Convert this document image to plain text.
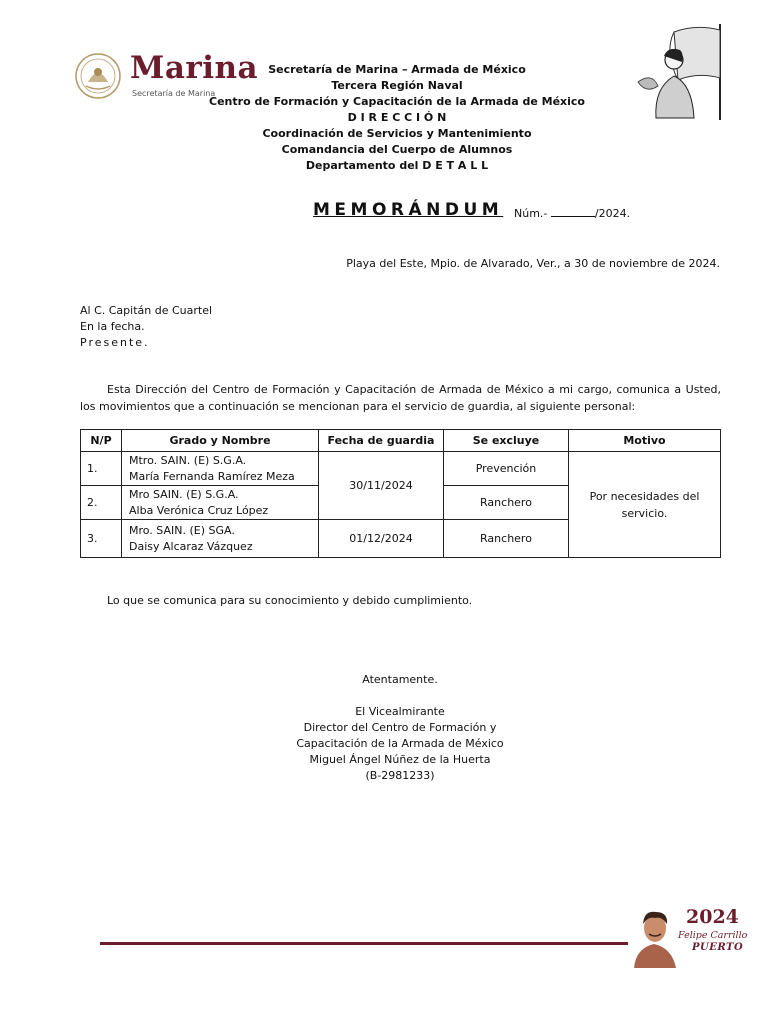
Marina
Secretaría de Marina
Secretaría de Marina – Armada de México
Tercera Región Naval
Centro de Formación y Capacitación de la Armada de México
D I R E C C I Ó N
Coordinación de Servicios y Mantenimiento
Comandancia del Cuerpo de Alumnos
Departamento del D E T A L L
MEMORÁNDUM Núm.-	/2024.
Playa del Este, Mpio. de Alvarado, Ver., a 30 de noviembre de 2024.
Al C. Capitán de Cuartel
En la fecha.
Presente.
Esta Dirección del Centro de Formación y Capacitación de Armada de México a mi cargo, comunica a Usted, los movimientos que a continuación se mencionan para el servicio de guardia, al siguiente personal:
N/P	Grado y Nombre	Fecha de guardia	Se excluye	Motivo
1.	Mtro. SAIN. (E) S.G.A.
María Fernanda Ramírez Meza	30/11/2024	Prevención	Por necesidades del servicio.
2.	Mro SAIN. (E) S.G.A.
Alba Verónica Cruz López		Ranchero	
3.	Mro. SAIN. (E) SGA.
Daisy Alcaraz Vázquez	01/12/2024	Ranchero	
Lo que se comunica para su conocimiento y debido cumplimiento.
Atentamente.
El Vicealmirante
Director del Centro de Formación y
Capacitación de la Armada de México
Miguel Ángel Núñez de la Huerta
(B-2981233)
2024
Felipe Carrillo
PUERTO
